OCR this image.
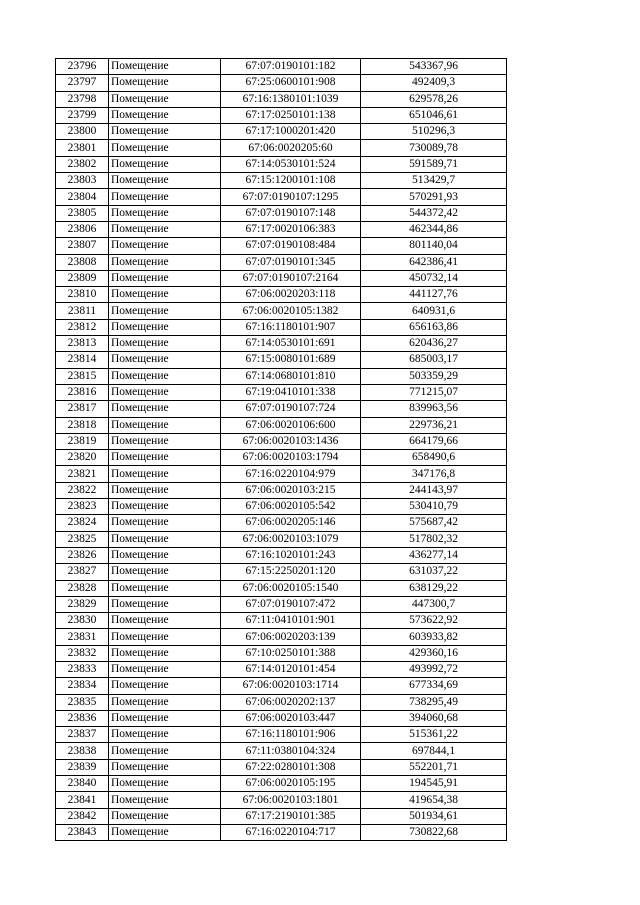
23796	Помещение	67:07:0190101:182	543367,96
23797	Помещение	67:25:0600101:908	492409,3
23798	Помещение	67:16:1380101:1039	629578,26
23799	Помещение	67:17:0250101:138	651046,61
23800	Помещение	67:17:1000201:420	510296,3
23801	Помещение	67:06:0020205:60	730089,78
23802	Помещение	67:14:0530101:524	591589,71
23803	Помещение	67:15:1200101:108	513429,7
23804	Помещение	67:07:0190107:1295	570291,93
23805	Помещение	67:07:0190107:148	544372,42
23806	Помещение	67:17:0020106:383	462344,86
23807	Помещение	67:07:0190108:484	801140,04
23808	Помещение	67:07:0190101:345	642386,41
23809	Помещение	67:07:0190107:2164	450732,14
23810	Помещение	67:06:0020203:118	441127,76
23811	Помещение	67:06:0020105:1382	640931,6
23812	Помещение	67:16:1180101:907	656163,86
23813	Помещение	67:14:0530101:691	620436,27
23814	Помещение	67:15:0080101:689	685003,17
23815	Помещение	67:14:0680101:810	503359,29
23816	Помещение	67:19:0410101:338	771215,07
23817	Помещение	67:07:0190107:724	839963,56
23818	Помещение	67:06:0020106:600	229736,21
23819	Помещение	67:06:0020103:1436	664179,66
23820	Помещение	67:06:0020103:1794	658490,6
23821	Помещение	67:16:0220104:979	347176,8
23822	Помещение	67:06:0020103:215	244143,97
23823	Помещение	67:06:0020105:542	530410,79
23824	Помещение	67:06:0020205:146	575687,42
23825	Помещение	67:06:0020103:1079	517802,32
23826	Помещение	67:16:1020101:243	436277,14
23827	Помещение	67:15:2250201:120	631037,22
23828	Помещение	67:06:0020105:1540	638129,22
23829	Помещение	67:07:0190107:472	447300,7
23830	Помещение	67:11:0410101:901	573622,92
23831	Помещение	67:06:0020203:139	603933,82
23832	Помещение	67:10:0250101:388	429360,16
23833	Помещение	67:14:0120101:454	493992,72
23834	Помещение	67:06:0020103:1714	677334,69
23835	Помещение	67:06:0020202:137	738295,49
23836	Помещение	67:06:0020103:447	394060,68
23837	Помещение	67:16:1180101:906	515361,22
23838	Помещение	67:11:0380104:324	697844,1
23839	Помещение	67:22:0280101:308	552201,71
23840	Помещение	67:06:0020105:195	194545,91
23841	Помещение	67:06:0020103:1801	419654,38
23842	Помещение	67:17:2190101:385	501934,61
23843	Помещение	67:16:0220104:717	730822,68
